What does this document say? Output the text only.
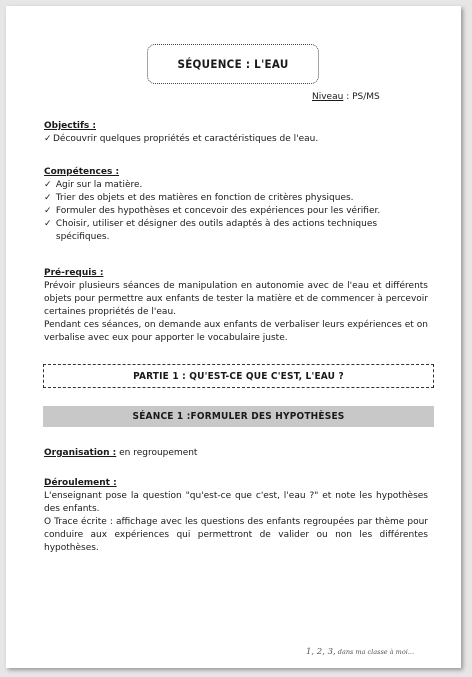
SÉQUENCE : L'EAU
Niveau : PS/MS
Objectifs :
✓Découvrir quelques propriétés et caractéristiques de l'eau.
Compétences :
✓ Agir sur la matière.
✓ Trier des objets et des matières en fonction de critères physiques.
✓ Formuler des hypothèses et concevoir des expériences pour les vérifier.
✓
Choisir, utiliser et désigner des outils adaptés à des actions techniques spécifiques.
Pré-requis :
Prévoir plusieurs séances de manipulation en autonomie avec de l'eau et différents objets pour permettre aux enfants de tester la matière et de commencer à percevoir certaines propriétés de l'eau.
Pendant ces séances, on demande aux enfants de verbaliser leurs expériences et on verbalise avec eux pour apporter le vocabulaire juste.
PARTIE 1 : QU'EST-CE QUE C'EST, L'EAU ?
SÉANCE 1 :FORMULER DES HYPOTHÈSES
Organisation : en regroupement
Déroulement :
L'enseignant pose la question "qu'est-ce que c'est, l'eau ?" et note les hypothèses des enfants.
O Trace écrite : affichage avec les questions des enfants regroupées par thème pour conduire aux expériences qui permettront de valider ou non les différentes hypothèses.
1, 2, 3, dans ma classe à moi...
